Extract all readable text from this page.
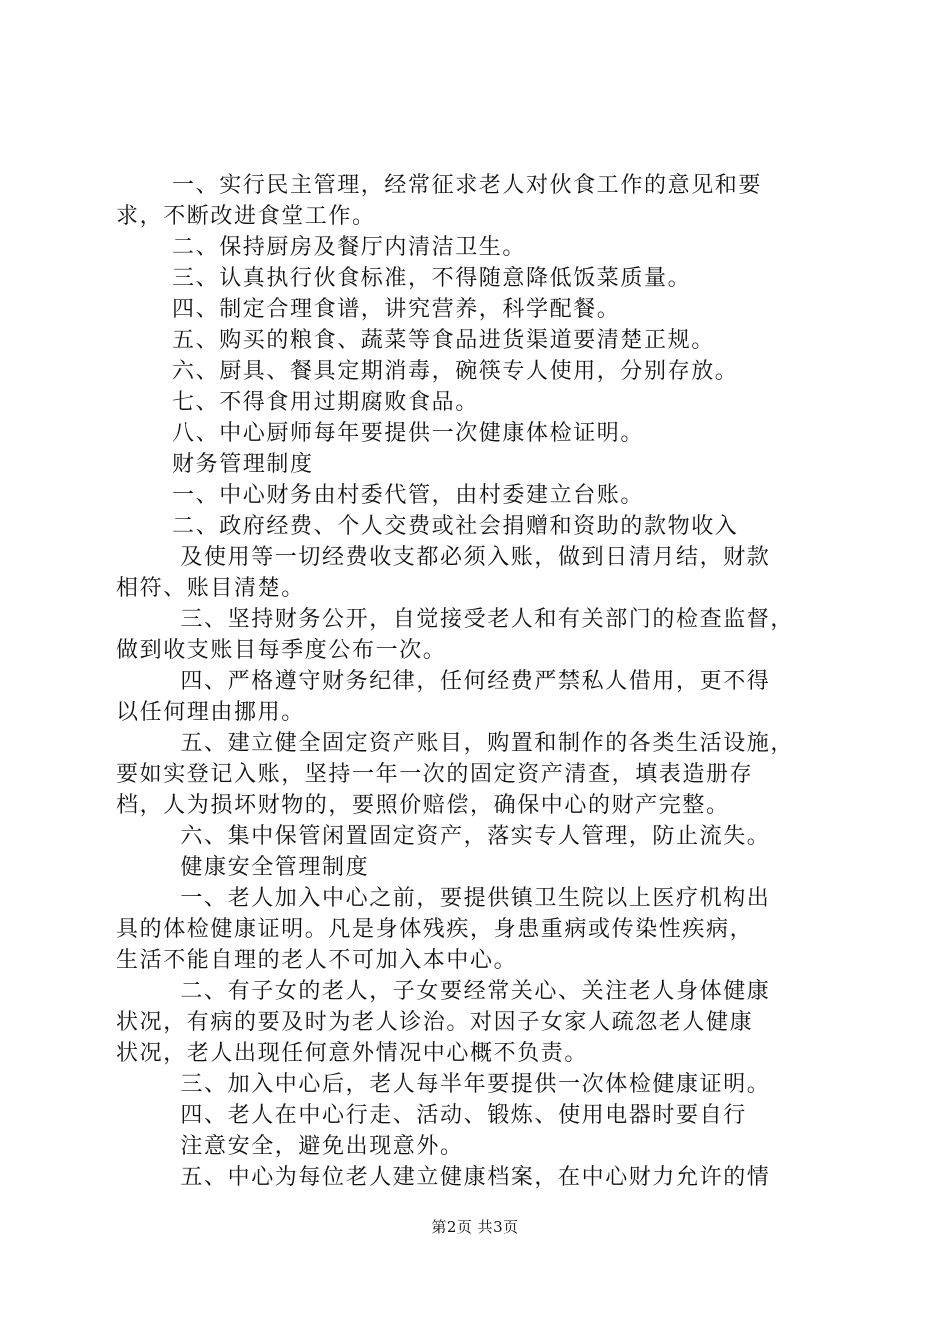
一、实行民主管理，经常征求老人对伙食工作的意见和要
求，不断改进食堂工作。
二、保持厨房及餐厅内清洁卫生。
三、认真执行伙食标准，不得随意降低饭菜质量。
四、制定合理食谱，讲究营养，科学配餐。
五、购买的粮食、蔬菜等食品进货渠道要清楚正规。
六、厨具、餐具定期消毒，碗筷专人使用，分别存放。
七、不得食用过期腐败食品。
八、中心厨师每年要提供一次健康体检证明。
财务管理制度
一、中心财务由村委代管，由村委建立台账。
二、政府经费、个人交费或社会捐赠和资助的款物收入
及使用等一切经费收支都必须入账，做到日清月结，财款
相符、账目清楚。
三、坚持财务公开，自觉接受老人和有关部门的检查监督，
做到收支账目每季度公布一次。
四、严格遵守财务纪律，任何经费严禁私人借用，更不得
以任何理由挪用。
五、建立健全固定资产账目，购置和制作的各类生活设施，
要如实登记入账，坚持一年一次的固定资产清查，填表造册存
档，人为损坏财物的，要照价赔偿，确保中心的财产完整。
六、集中保管闲置固定资产，落实专人管理，防止流失。
健康安全管理制度
一、老人加入中心之前，要提供镇卫生院以上医疗机构出
具的体检健康证明。凡是身体残疾，身患重病或传染性疾病，
生活不能自理的老人不可加入本中心。
二、有子女的老人，子女要经常关心、关注老人身体健康
状况，有病的要及时为老人诊治。对因子女家人疏忽老人健康
状况，老人出现任何意外情况中心概不负责。
三、加入中心后，老人每半年要提供一次体检健康证明。
四、老人在中心行走、活动、锻炼、使用电器时要自行
注意安全，避免出现意外。
五、中心为每位老人建立健康档案，在中心财力允许的情
第2页 共3页
